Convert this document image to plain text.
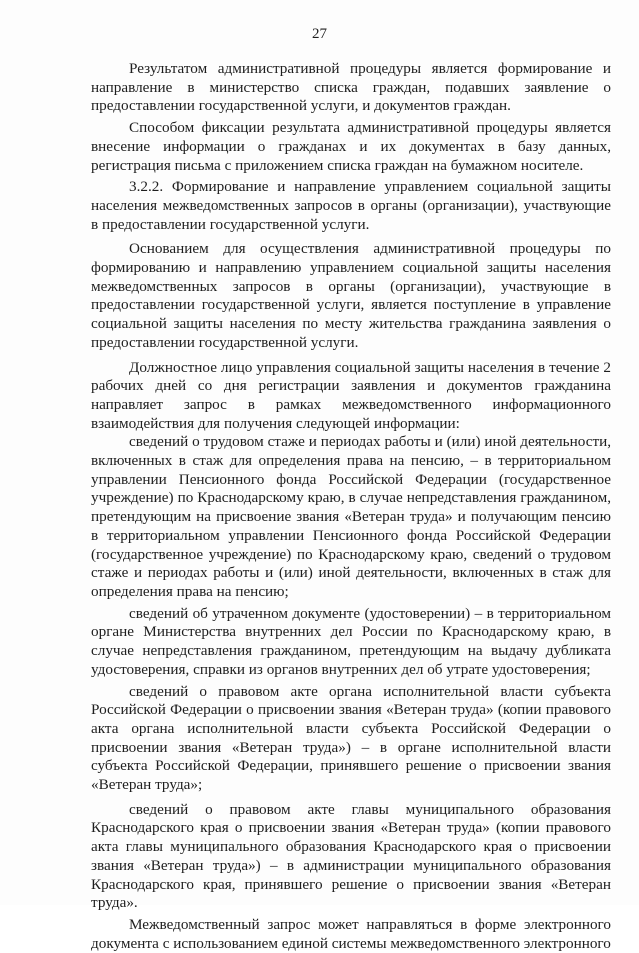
27

Результатом административной процедуры является формирование и направление в министерство списка граждан, подавших заявление о предоставлении государственной услуги, и документов граждан.

Способом фиксации результата административной процедуры является внесение информации о гражданах и их документах в базу данных, регистрация письма с приложением списка граждан на бумажном носителе.

3.2.2. Формирование и направление управлением социальной защиты населения межведомственных запросов в органы (организации), участвующие в предоставлении государственной услуги.

Основанием для осуществления административной процедуры по формированию и направлению управлением социальной защиты населения межведомственных запросов в органы (организации), участвующие в предоставлении государственной услуги, является поступление в управление социальной защиты населения по месту жительства гражданина заявления о предоставлении государственной услуги.

Должностное лицо управления социальной защиты населения в течение 2 рабочих дней со дня регистрации заявления и документов гражданина направляет запрос в рамках межведомственного информационного взаимодействия для получения следующей информации:

сведений о трудовом стаже и периодах работы и (или) иной деятельности, включенных в стаж для определения права на пенсию, – в территориальном управлении Пенсионного фонда Российской Федерации (государственное учреждение) по Краснодарскому краю, в случае непредставления гражданином, претендующим на присвоение звания «Ветеран труда» и получающим пенсию в территориальном управлении Пенсионного фонда Российской Федерации (государственное учреждение) по Краснодарскому краю, сведений о трудовом стаже и периодах работы и (или) иной деятельности, включенных в стаж для определения права на пенсию;

сведений об утраченном документе (удостоверении) – в территориальном органе Министерства внутренних дел России по Краснодарскому краю, в случае непредставления гражданином, претендующим на выдачу дубликата удостоверения, справки из органов внутренних дел об утрате удостоверения;

сведений о правовом акте органа исполнительной власти субъекта Российской Федерации о присвоении звания «Ветеран труда» (копии правового акта органа исполнительной власти субъекта Российской Федерации о присвоении звания «Ветеран труда») – в органе исполнительной власти субъекта Российской Федерации, принявшего решение о присвоении звания «Ветеран труда»;

сведений о правовом акте главы муниципального образования Краснодарского края о присвоении звания «Ветеран труда» (копии правового акта главы муниципального образования Краснодарского края о присвоении звания «Ветеран труда») – в администрации муниципального образования Краснодарского края, принявшего решение о присвоении звания «Ветеран труда».

Межведомственный запрос может направляться в форме электронного документа с использованием единой системы межведомственного электронного
